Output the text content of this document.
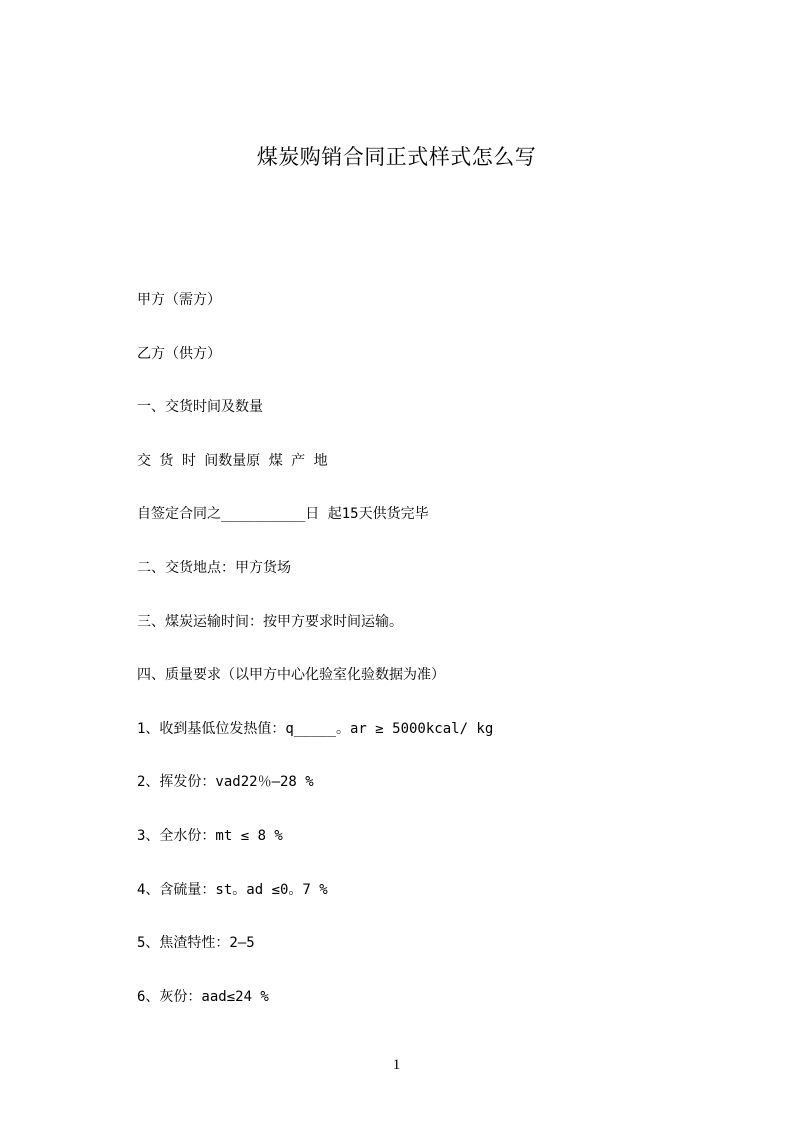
煤炭购销合同正式样式怎么写
甲方（需方）
乙方（供方）
一、交货时间及数量
交 货 时 间数量原 煤 产 地
自签定合同之__________日 起15天供货完毕
二、交货地点：甲方货场
三、煤炭运输时间：按甲方要求时间运输。
四、质量要求（以甲方中心化验室化验数据为准）
1、收到基低位发热值：q_____。ar ≥ 5000kcal/ kg
2、挥发份：vad22％—28 %
3、全水份：mt ≤ 8 %
4、含硫量：st。ad ≤0。7 %
5、焦渣特性：2—5
6、灰份：aad≤24 %
1
